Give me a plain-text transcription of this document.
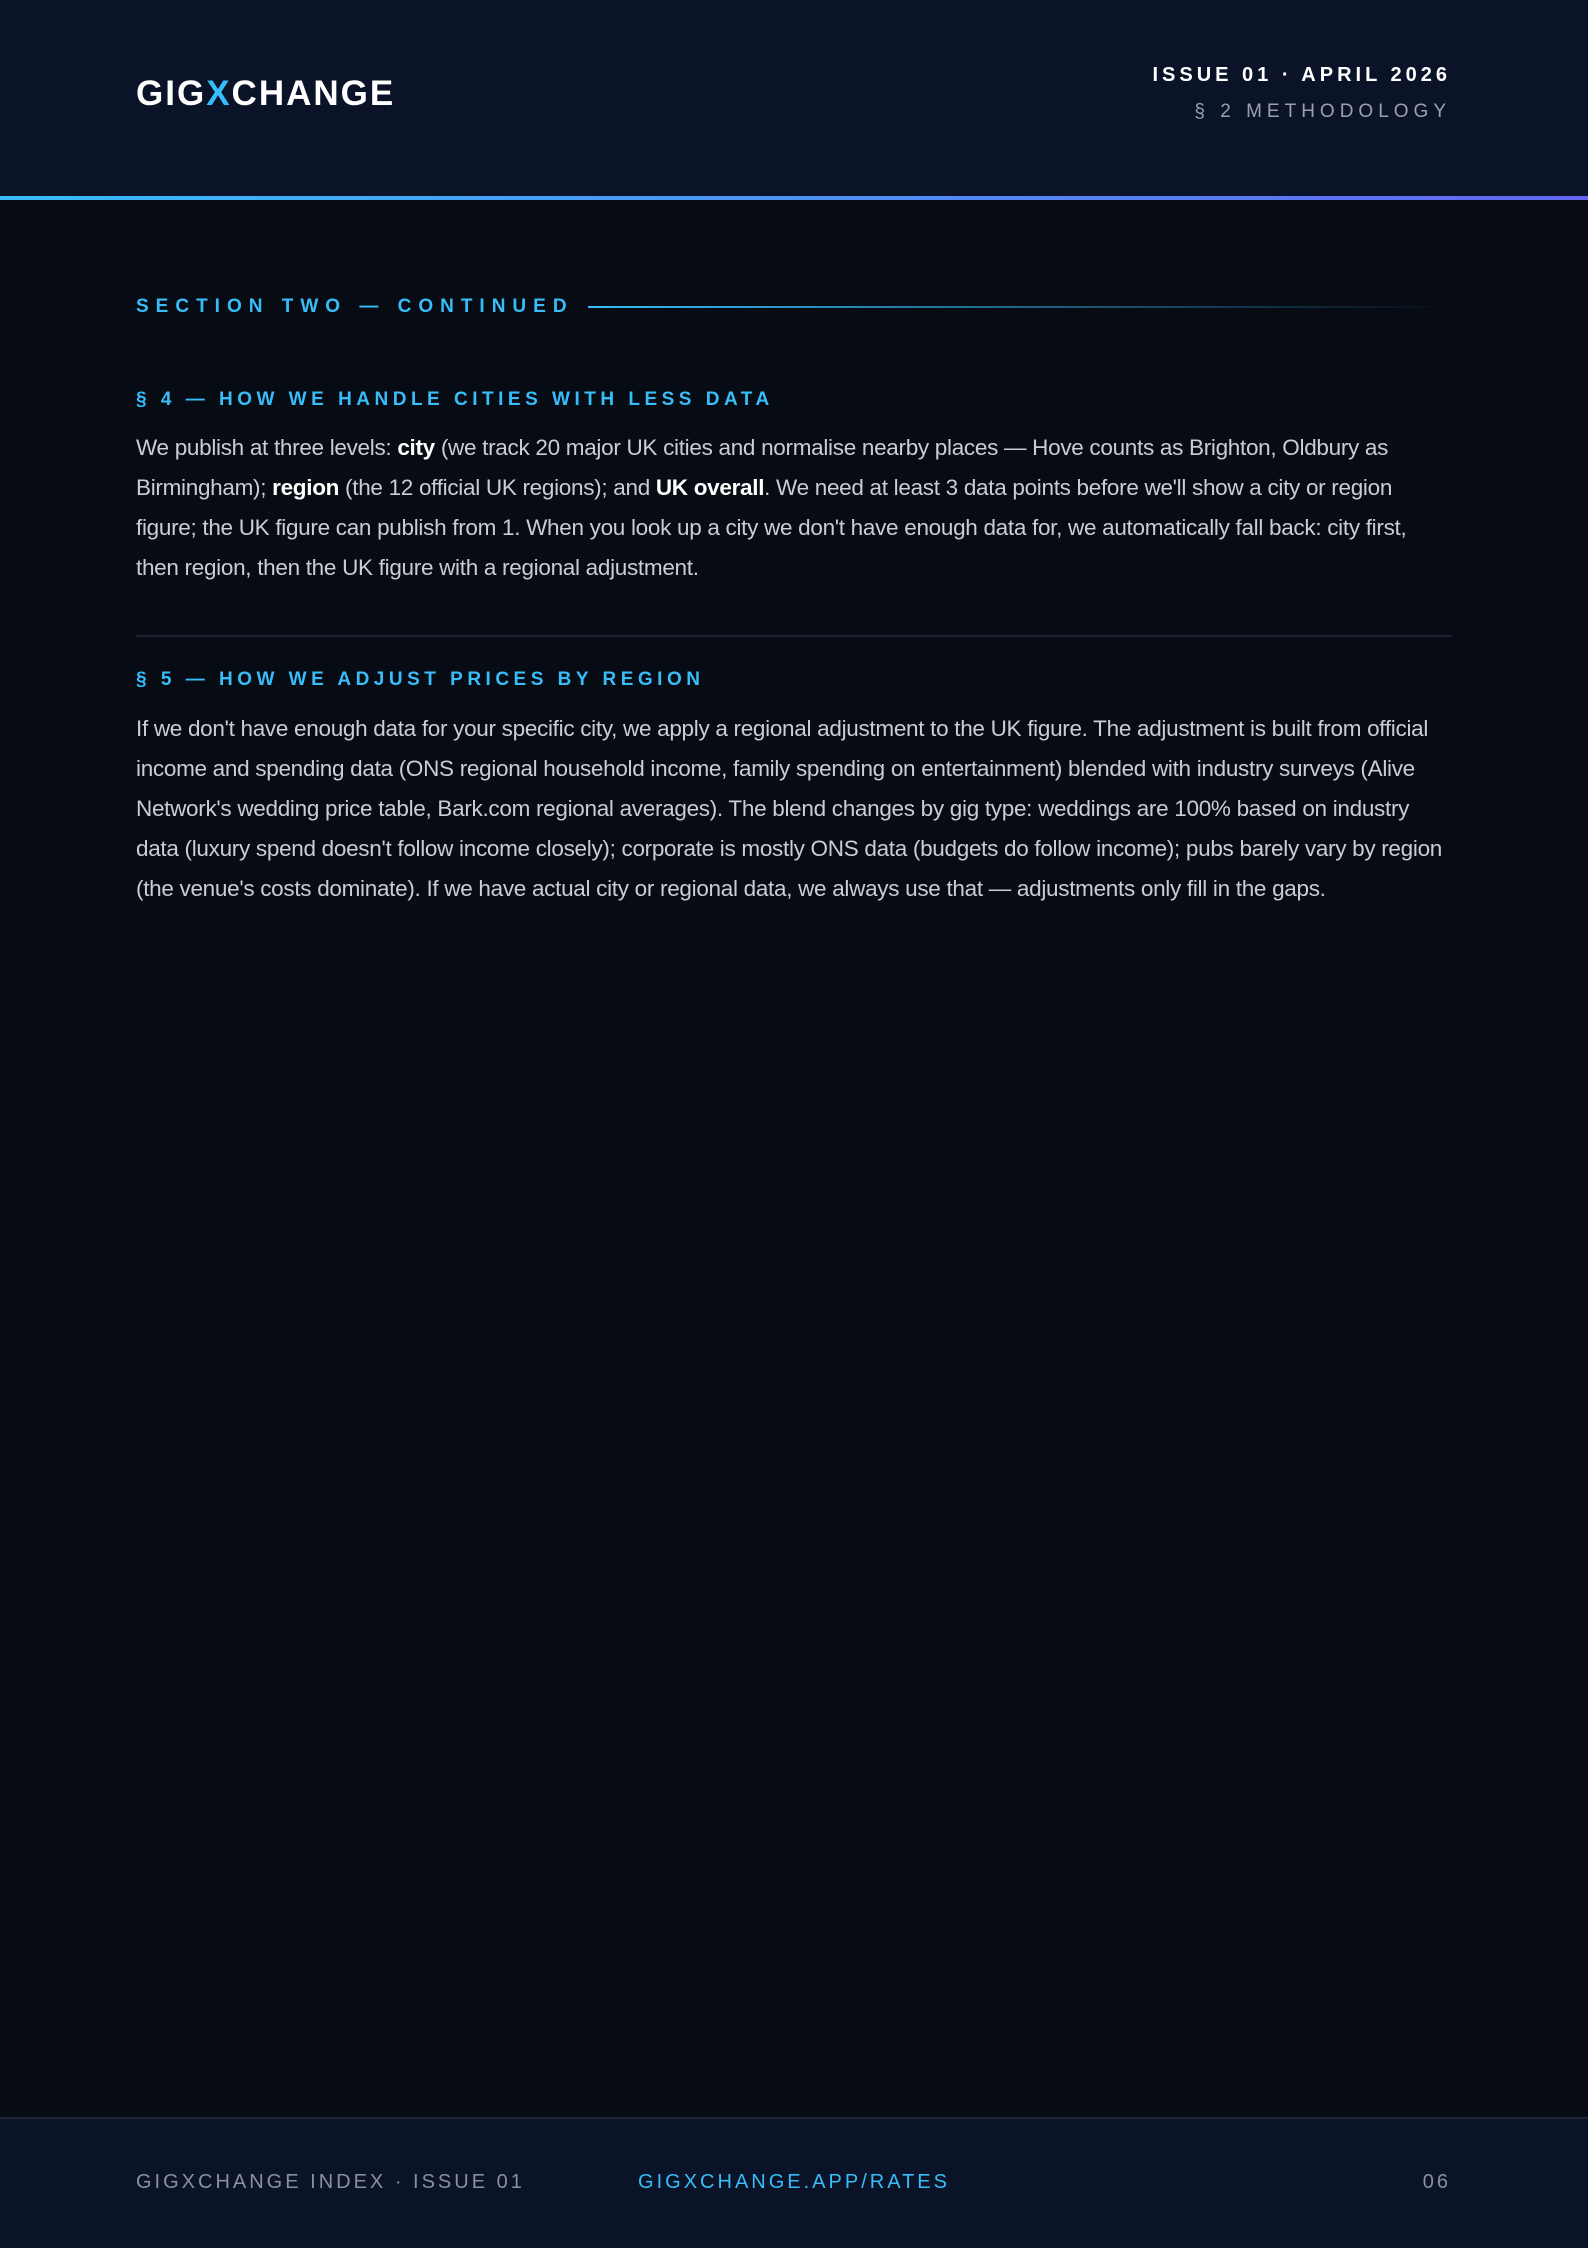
GIGXCHANGE	ISSUE 01 · APRIL 2026
§ 2 METHODOLOGY
SECTION TWO — CONTINUED
§ 4 — HOW WE HANDLE CITIES WITH LESS DATA
We publish at three levels: city (we track 20 major UK cities and normalise nearby places — Hove counts as Brighton, Oldbury as Birmingham); region (the 12 official UK regions); and UK overall. We need at least 3 data points before we'll show a city or region figure; the UK figure can publish from 1. When you look up a city we don't have enough data for, we automatically fall back: city first, then region, then the UK figure with a regional adjustment.
§ 5 — HOW WE ADJUST PRICES BY REGION
If we don't have enough data for your specific city, we apply a regional adjustment to the UK figure. The adjustment is built from official income and spending data (ONS regional household income, family spending on entertainment) blended with industry surveys (Alive Network's wedding price table, Bark.com regional averages). The blend changes by gig type: weddings are 100% based on industry data (luxury spend doesn't follow income closely); corporate is mostly ONS data (budgets do follow income); pubs barely vary by region (the venue's costs dominate). If we have actual city or regional data, we always use that — adjustments only fill in the gaps.
GIGXCHANGE INDEX · ISSUE 01	GIGXCHANGE.APP/RATES	06
